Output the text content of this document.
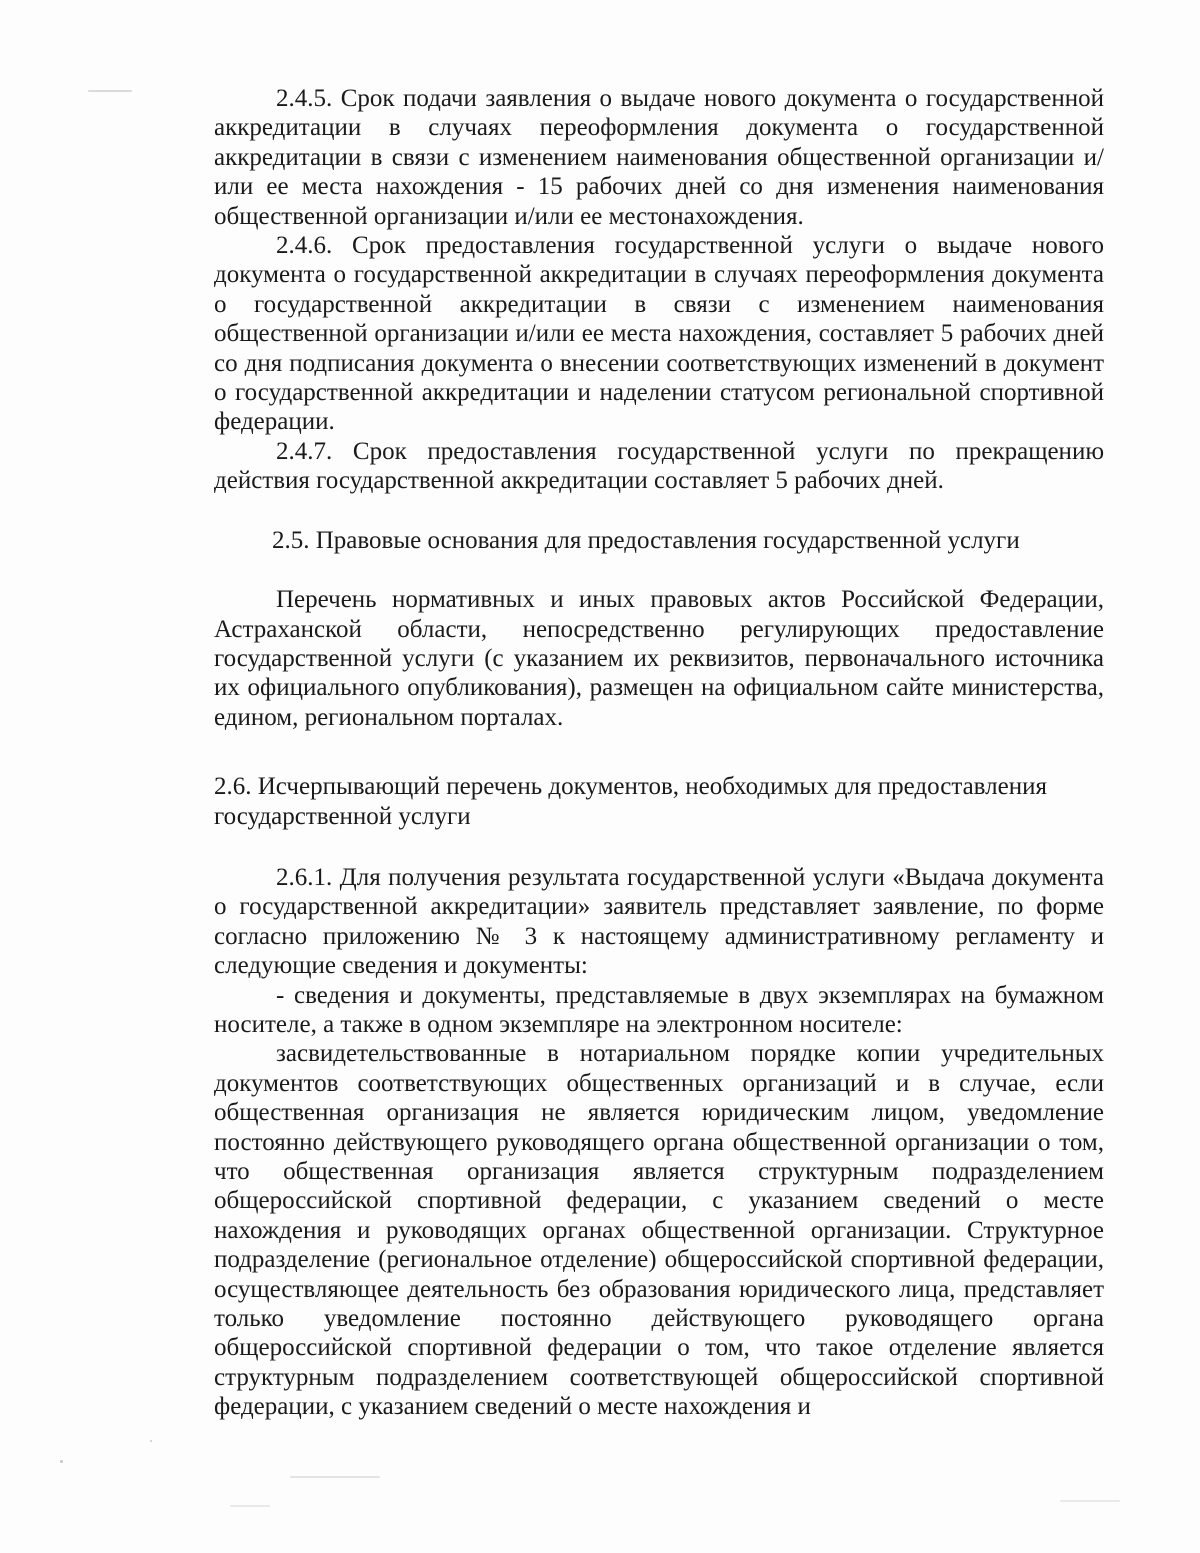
2.4.5. Срок подачи заявления о выдаче нового документа о государственной аккредитации в случаях переоформления документа о государственной аккредитации в связи с изменением наименования общественной организации и/или ее места нахождения - 15 рабочих дней со дня изменения наименования общественной организации и/или ее местонахождения.

2.4.6. Срок предоставления государственной услуги о выдаче нового документа о государственной аккредитации в случаях переоформления документа о государственной аккредитации в связи с изменением наименования общественной организации и/или ее места нахождения, составляет 5 рабочих дней со дня подписания документа о внесении соответствующих изменений в документ о государственной аккредитации и наделении статусом региональной спортивной федерации.

2.4.7. Срок предоставления государственной услуги по прекращению действия государственной аккредитации составляет 5 рабочих дней.

2.5. Правовые основания для предоставления государственной услуги

Перечень нормативных и иных правовых актов Российской Федерации, Астраханской области, непосредственно регулирующих предоставление государственной услуги (с указанием их реквизитов, первоначального источника их официального опубликования), размещен на официальном сайте министерства, едином, региональном порталах.

2.6. Исчерпывающий перечень документов, необходимых для предоставления

государственной услуги

2.6.1. Для получения результата государственной услуги «Выдача документа о государственной аккредитации» заявитель представляет заявление, по форме согласно приложению № 3 к настоящему административному регламенту и следующие сведения и документы:

- сведения и документы, представляемые в двух экземплярах на бумажном носителе, а также в одном экземпляре на электронном носителе:

засвидетельствованные в нотариальном порядке копии учредительных документов соответствующих общественных организаций и в случае, если общественная организация не является юридическим лицом, уведомление постоянно действующего руководящего органа общественной организации о том, что общественная организация является структурным подразделением общероссийской спортивной федерации, с указанием сведений о месте нахождения и руководящих органах общественной организации. Структурное подразделение (региональное отделение) общероссийской спортивной федерации, осуществляющее деятельность без образования юридического лица, представляет только уведомление постоянно действующего руководящего органа общероссийской спортивной федерации о том, что такое отделение является структурным подразделением соответствующей общероссийской спортивной федерации, с указанием сведений о месте нахождения и
